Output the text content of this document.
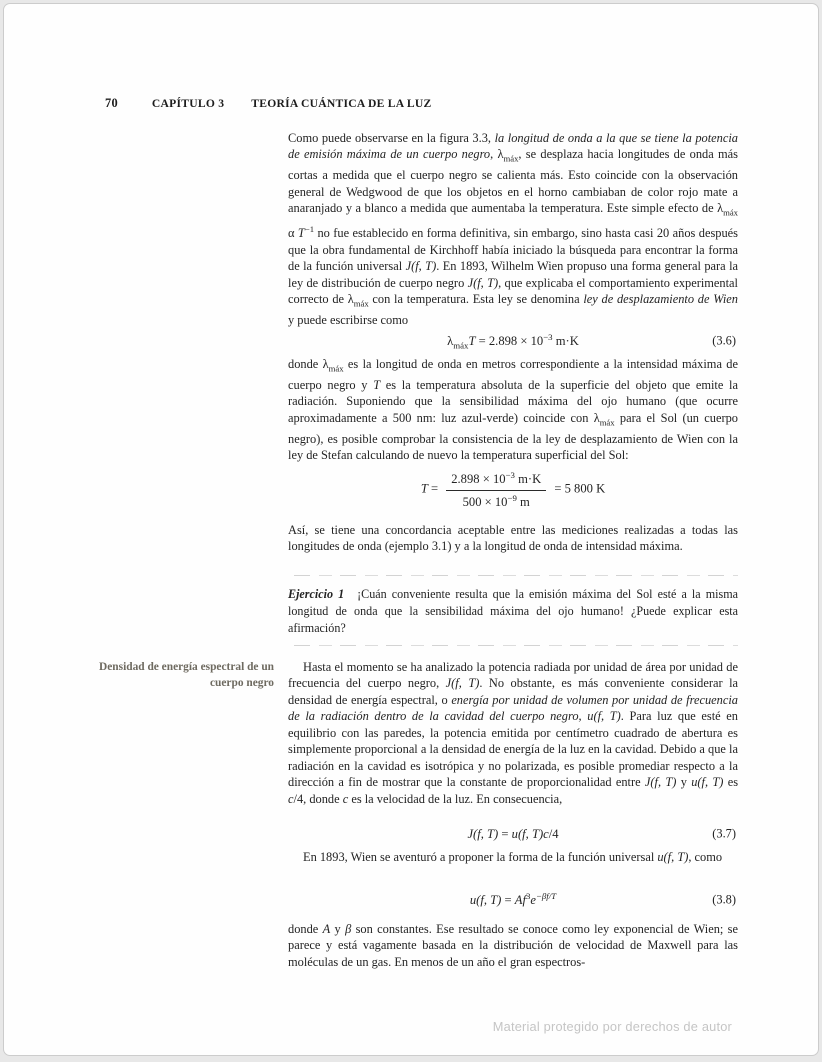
70	CAPÍTULO 3 TEORÍA CUÁNTICA DE LA LUZ

Como puede observarse en la figura 3.3, la longitud de onda a la que se tiene la potencia de emisión máxima de un cuerpo negro, $\lambda_{máx}$, se desplaza hacia longitudes de onda más cortas a medida que el cuerpo negro se calienta más. Esto coincide con la observación general de Wedgwood de que los objetos en el horno cambiaban de color rojo mate a anaranjado y a blanco a medida que aumentaba la temperatura. Este simple efecto de $\lambda_{máx}$ α $T^{-1}$ no fue establecido en forma definitiva, sin embargo, sino hasta casi 20 años después que la obra fundamental de Kirchhoff había iniciado la búsqueda para encontrar la forma de la función universal J(f, T). En 1893, Wilhelm Wien propuso una forma general para la ley de distribución de cuerpo negro J(f, T), que explicaba el comportamiento experimental correcto de $\lambda_{máx}$ con la temperatura. Esta ley se denomina ley de desplazamiento de Wien y puede escribirse como

$\lambda_{máx}T = 2.898 \times 10^{-3}$ m·K	(3.6)

donde $\lambda_{máx}$ es la longitud de onda en metros correspondiente a la intensidad máxima de cuerpo negro y T es la temperatura absoluta de la superficie del objeto que emite la radiación. Suponiendo que la sensibilidad máxima del ojo humano (que ocurre aproximadamente a 500 nm: luz azul-verde) coincide con $\lambda_{máx}$ para el Sol (un cuerpo negro), es posible comprobar la consistencia de la ley de desplazamiento de Wien con la ley de Stefan calculando de nuevo la temperatura superficial del Sol:

$T = \frac{2.898 \times 10^{-3} m\cdot K}{500 \times 10^{-9} m} = 5$ 800 K

Así, se tiene una concordancia aceptable entre las mediciones realizadas a todas las longitudes de onda (ejemplo 3.1) y a la longitud de onda de intensidad máxima.

Ejercicio 1 ¡Cuán conveniente resulta que la emisión máxima del Sol esté a la misma longitud de onda que la sensibilidad máxima del ojo humano! ¿Puede explicar esta afirmación?

Densidad de energía espectral de un cuerpo negro

Hasta el momento se ha analizado la potencia radiada por unidad de área por unidad de frecuencia del cuerpo negro, J(f, T). No obstante, es más conveniente considerar la densidad de energía espectral, o energía por unidad de volumen por unidad de frecuencia de la radiación dentro de la cavidad del cuerpo negro, u(f, T). Para luz que esté en equilibrio con las paredes, la potencia emitida por centímetro cuadrado de abertura es simplemente proporcional a la densidad de energía de la luz en la cavidad. Debido a que la radiación en la cavidad es isotrópica y no polarizada, es posible promediar respecto a la dirección a fin de mostrar que la constante de proporcionalidad entre J(f, T) y u(f, T) es c/4, donde c es la velocidad de la luz. En consecuencia,

J(f, T) = u(f, T)c/4	(3.7)

En 1893, Wien se aventuró a proponer la forma de la función universal u(f, T), como

u(f, $T) = Af^3e^{-\beta f/T}$	(3.8)

donde A y β son constantes. Ese resultado se conoce como ley exponencial de Wien; se parece y está vagamente basada en la distribución de velocidad de Maxwell para las moléculas de un gas. En menos de un año el gran espectros-

Material protegido por derechos de autor
